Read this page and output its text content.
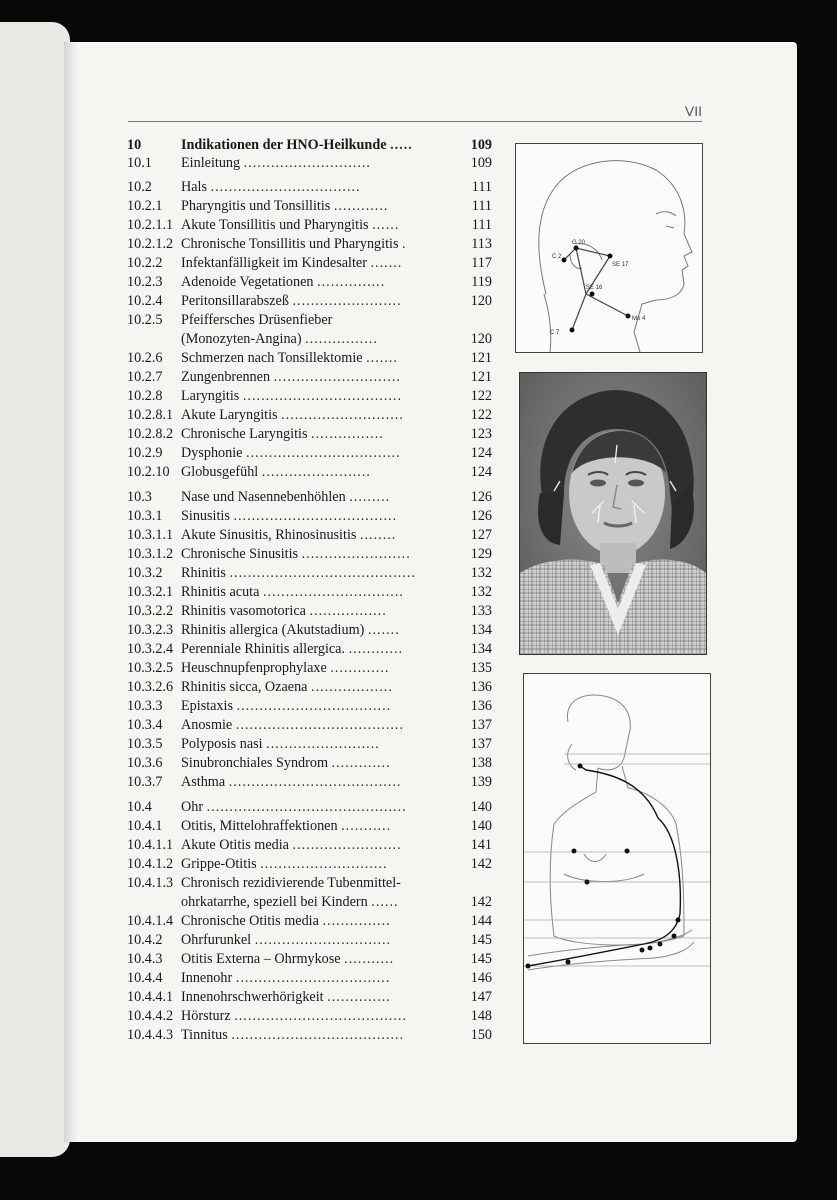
VII
10	Indikationen der HNO-Heilkunde .....	109
10.1 Einleitung ............................	109
10.2 Hals .................................	111
10.2.1 Pharyngitis und Tonsillitis ............	111
10.2.1.1 Akute Tonsillitis und Pharyngitis ......	111
10.2.1.2 Chronische Tonsillitis und Pharyngitis .	113
10.2.2 Infektanfälligkeit im Kindesalter .......	117
10.2.3 Adenoide Vegetationen ...............	119
10.2.4 Peritonsillarabszeß ........................	120
10.2.5 Pfeiffersches Drüsenfieber
(Monozyten-Angina) ................	120
10.2.6 Schmerzen nach Tonsillektomie .......	121
10.2.7 Zungenbrennen ............................	121
10.2.8 Laryngitis ...................................	122
10.2.8.1 Akute Laryngitis ...........................	122
10.2.8.2 Chronische Laryngitis ................	123
10.2.9 Dysphonie ..................................	124
10.2.10 Globusgefühl ........................	124
10.3 Nase und Nasennebenhöhlen .........	126
10.3.1 Sinusitis ....................................	126
10.3.1.1 Akute Sinusitis, Rhinosinusitis ........	127
10.3.1.2 Chronische Sinusitis ........................	129
10.3.2 Rhinitis .........................................	132
10.3.2.1 Rhinitis acuta ...............................	132
10.3.2.2 Rhinitis vasomotorica .................	133
10.3.2.3 Rhinitis allergica (Akutstadium) .......	134
10.3.2.4 Perenniale Rhinitis allergica. ............	134
10.3.2.5 Heuschnupfenprophylaxe .............	135
10.3.2.6 Rhinitis sicca, Ozaena ..................	136
10.3.3 Epistaxis ..................................	136
10.3.4 Anosmie .....................................	137
10.3.5 Polyposis nasi .........................	137
10.3.6 Sinubronchiales Syndrom .............	138
10.3.7 Asthma ......................................	139
10.4 Ohr ............................................	140
10.4.1 Otitis, Mittelohraffektionen ...........	140
10.4.1.1 Akute Otitis media ........................	141
10.4.1.2 Grippe-Otitis ............................	142
10.4.1.3 Chronisch rezidivierende Tubenmittel-
ohrkatarrhe, speziell bei Kindern ......	142
10.4.1.4 Chronische Otitis media ...............	144
10.4.2 Ohrfurunkel ..............................	145
10.4.3 Otitis Externa – Ohrmykose ...........	145
10.4.4 Innenohr ..................................	146
10.4.4.1 Innenohrschwerhörigkeit ..............	147
10.4.4.2 Hörsturz ......................................	148
10.4.4.3 Tinnitus ......................................	150
G 20
C 2
SE 17
SE 16
C 7
Mo 4
